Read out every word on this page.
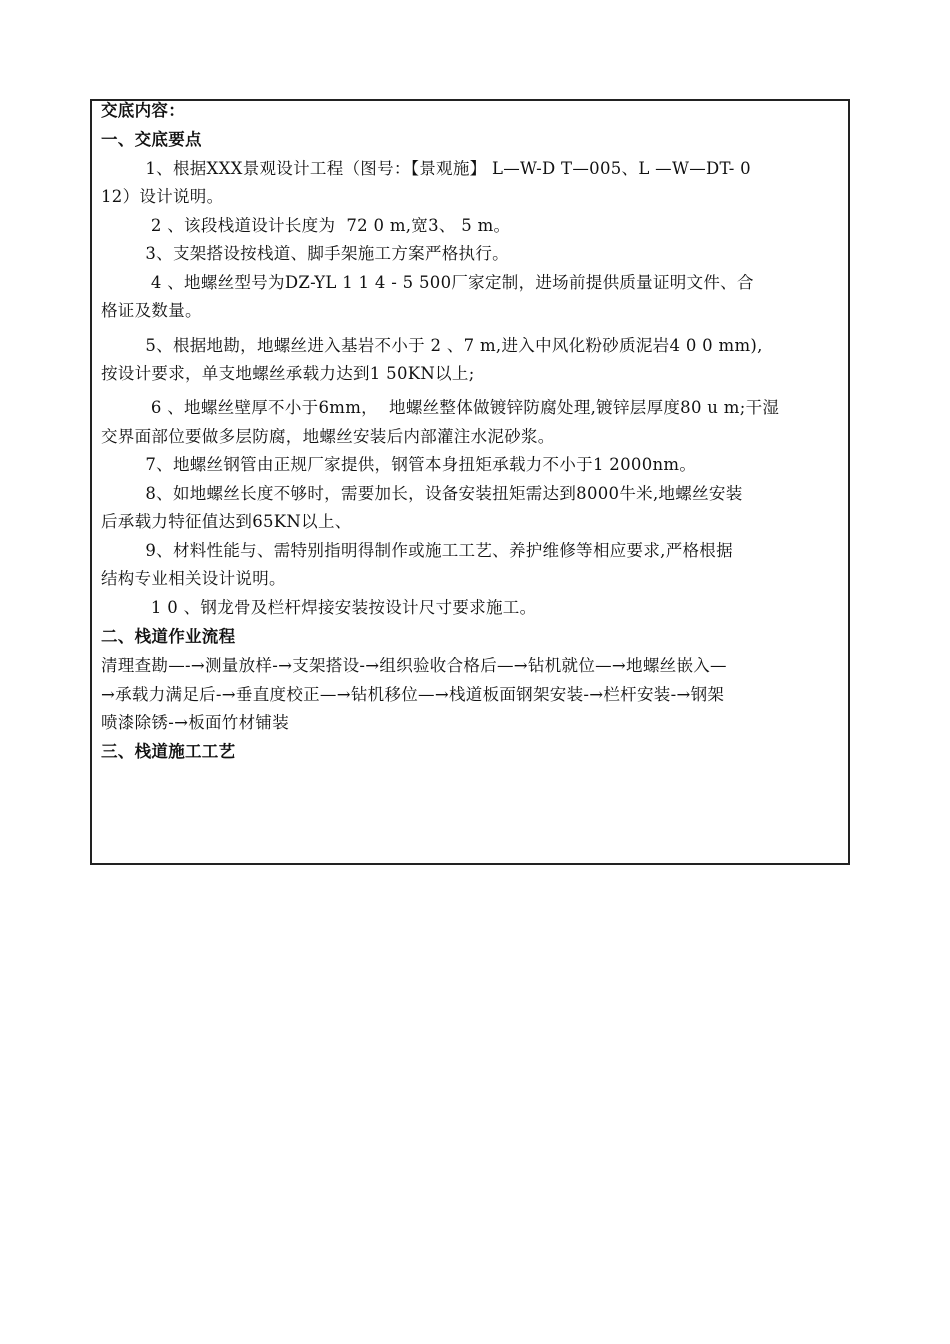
交底内容：
一、交底要点
1、根据XXX景观设计工程（图号：【景观施】 L—W-D T—005、L —W—DT- 0
12）设计说明。
2 、该段栈道设计长度为  72 0 m,宽3、 5 m。
3、支架搭设按栈道、脚手架施工方案严格执行。
4 、地螺丝型号为DZ-YL 1 1 4 - 5 500厂家定制，进场前提供质量证明文件、合
格证及数量。
5、根据地勘，地螺丝进入基岩不小于 2 、7 m,进入中风化粉砂质泥岩4 0 0 mm),
按设计要求，单支地螺丝承载力达到1 50KN以上;
6 、地螺丝壁厚不小于6mm，  地螺丝整体做镀锌防腐处理,镀锌层厚度80 u m;干湿
交界面部位要做多层防腐，地螺丝安装后内部灌注水泥砂浆。
7、地螺丝钢管由正规厂家提供，钢管本身扭矩承载力不小于1 2000nm。
8、如地螺丝长度不够时，需要加长，设备安装扭矩需达到8000牛米,地螺丝安装
后承载力特征值达到65KN以上、
9、材料性能与、需特别指明得制作或施工工艺、养护维修等相应要求,严格根据
结构专业相关设计说明。
1 0 、钢龙骨及栏杆焊接安装按设计尺寸要求施工。
二、栈道作业流程
清理查勘—-→测量放样-→支架搭设-→组织验收合格后—→钻机就位—→地螺丝嵌入—
→承载力满足后-→垂直度校正—→钻机移位—→栈道板面钢架安装-→栏杆安装-→钢架
喷漆除锈-→板面竹材铺装
三、栈道施工工艺
